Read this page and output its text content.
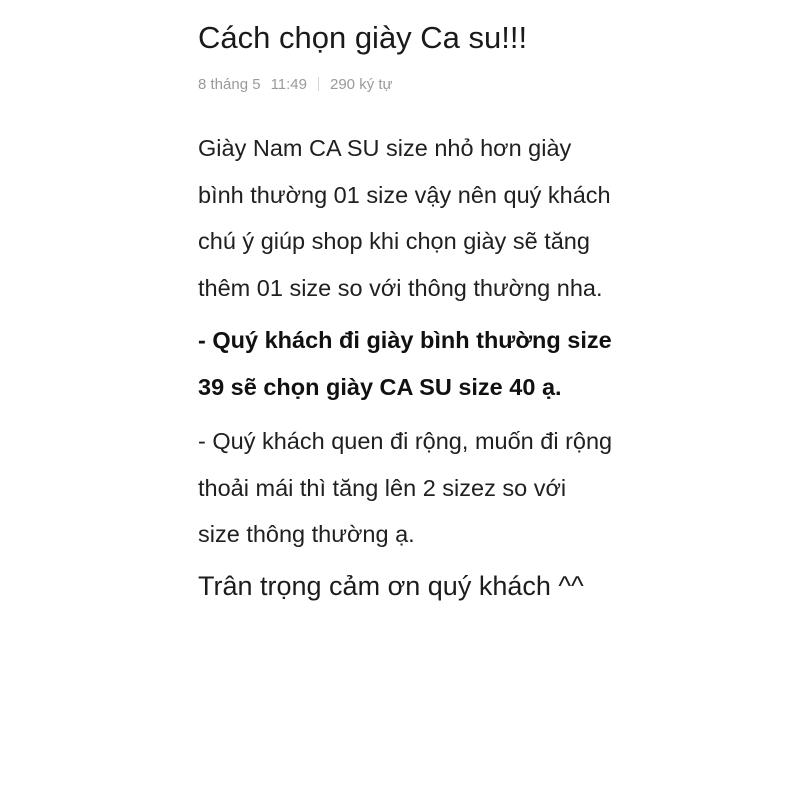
Cách chọn giày Ca su!!!
8 tháng 5 11:49 290 ký tự

Giày Nam CA SU size nhỏ hơn giày bình thường 01 size vậy nên quý khách chú ý giúp shop khi chọn giày sẽ tăng thêm 01 size so với thông thường nha.

- Quý khách đi giày bình thường size 39 sẽ chọn giày CA SU size 40 ạ.

- Quý khách quen đi rộng, muốn đi rộng thoải mái thì tăng lên 2 sizez so với size thông thường ạ.

Trân trọng cảm ơn quý khách ^^
